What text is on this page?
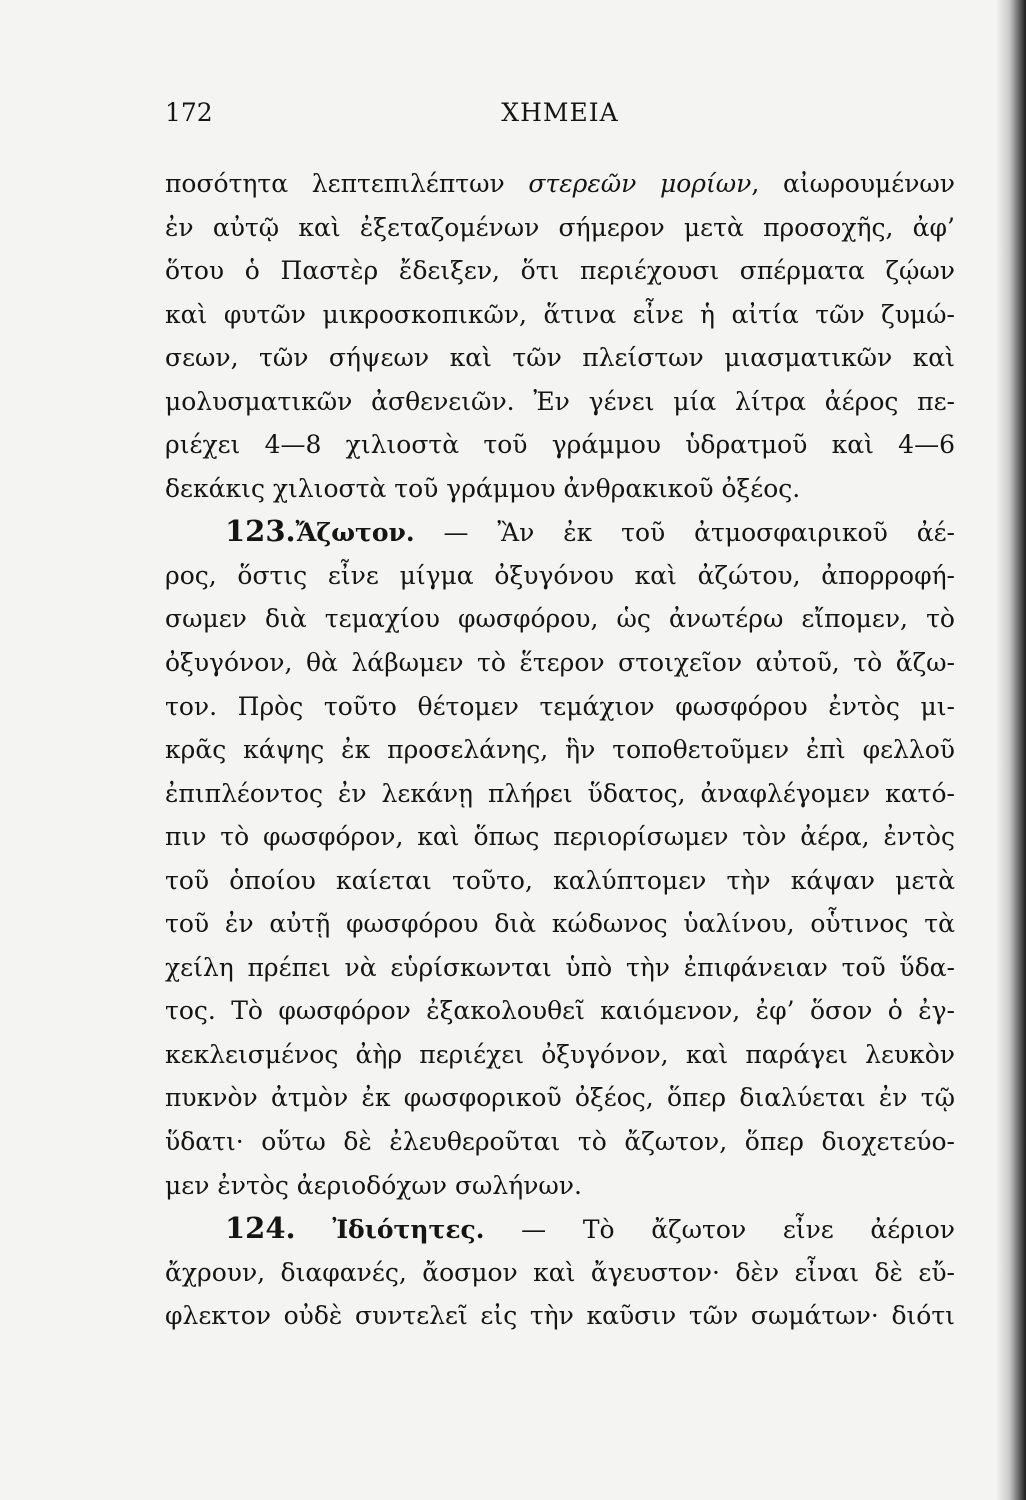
172	ΧΗΜΕΙΑ
ποσότητα λεπτεπιλέπτων στερεῶν μορίων, αἰωρουμένων
ἐν αὐτῷ καὶ ἐξεταζομένων σήμερον μετὰ προσοχῆς, ἀφ’
ὅτου ὁ Παστὲρ ἔδειξεν, ὅτι περιέχουσι σπέρματα ζῴων
καὶ φυτῶν μικροσκοπικῶν, ἅτινα εἶνε ἡ αἰτία τῶν ζυμώ-
σεων, τῶν σήψεων καὶ τῶν πλείστων μιασματικῶν καὶ
μολυσματικῶν ἀσθενειῶν. Ἐν γένει μία λίτρα ἀέρος πε-
ριέχει 4—8 χιλιοστὰ τοῦ γράμμου ὑδρατμοῦ καὶ 4—6
δεκάκις χιλιοστὰ τοῦ γράμμου ἀνθρακικοῦ ὀξέος.
123.Ἄζωτον. — Ἂν ἐκ τοῦ ἀτμοσφαιρικοῦ ἀέ-
ρος, ὅστις εἶνε μίγμα ὀξυγόνου καὶ ἀζώτου, ἀπορροφή-
σωμεν διὰ τεμαχίου φωσφόρου, ὡς ἀνωτέρω εἴπομεν, τὸ
ὀξυγόνον, θὰ λάβωμεν τὸ ἕτερον στοιχεῖον αὐτοῦ, τὸ ἄζω-
τον. Πρὸς τοῦτο θέτομεν τεμάχιον φωσφόρου ἐντὸς μι-
κρᾶς κάψης ἐκ προσελάνης, ἣν τοποθετοῦμεν ἐπὶ φελλοῦ
ἐπιπλέοντος ἐν λεκάνῃ πλήρει ὕδατος, ἀναφλέγομεν κατό-
πιν τὸ φωσφόρον, καὶ ὅπως περιορίσωμεν τὸν ἀέρα, ἐντὸς
τοῦ ὁποίου καίεται τοῦτο, καλύπτομεν τὴν κάψαν μετὰ
τοῦ ἐν αὐτῇ φωσφόρου διὰ κώδωνος ὑαλίνου, οὗτινος τὰ
χείλη πρέπει νὰ εὑρίσκωνται ὑπὸ τὴν ἐπιφάνειαν τοῦ ὕδα-
τος. Τὸ φωσφόρον ἐξακολουθεῖ καιόμενον, ἐφ’ ὅσον ὁ ἐγ-
κεκλεισμένος ἀὴρ περιέχει ὀξυγόνον, καὶ παράγει λευκὸν
πυκνὸν ἀτμὸν ἐκ φωσφορικοῦ ὀξέος, ὅπερ διαλύεται ἐν τῷ
ὕδατι· οὕτω δὲ ἐλευθεροῦται τὸ ἄζωτον, ὅπερ διοχετεύο-
μεν ἐντὸς ἀεριοδόχων σωλήνων.
124. Ἰδιότητες. — Τὸ ἄζωτον εἶνε ἀέριον
ἄχρουν, διαφανές, ἄοσμον καὶ ἄγευστον· δὲν εἶναι δὲ εὔ-
φλεκτον οὐδὲ συντελεῖ εἰς τὴν καῦσιν τῶν σωμάτων· διότι
